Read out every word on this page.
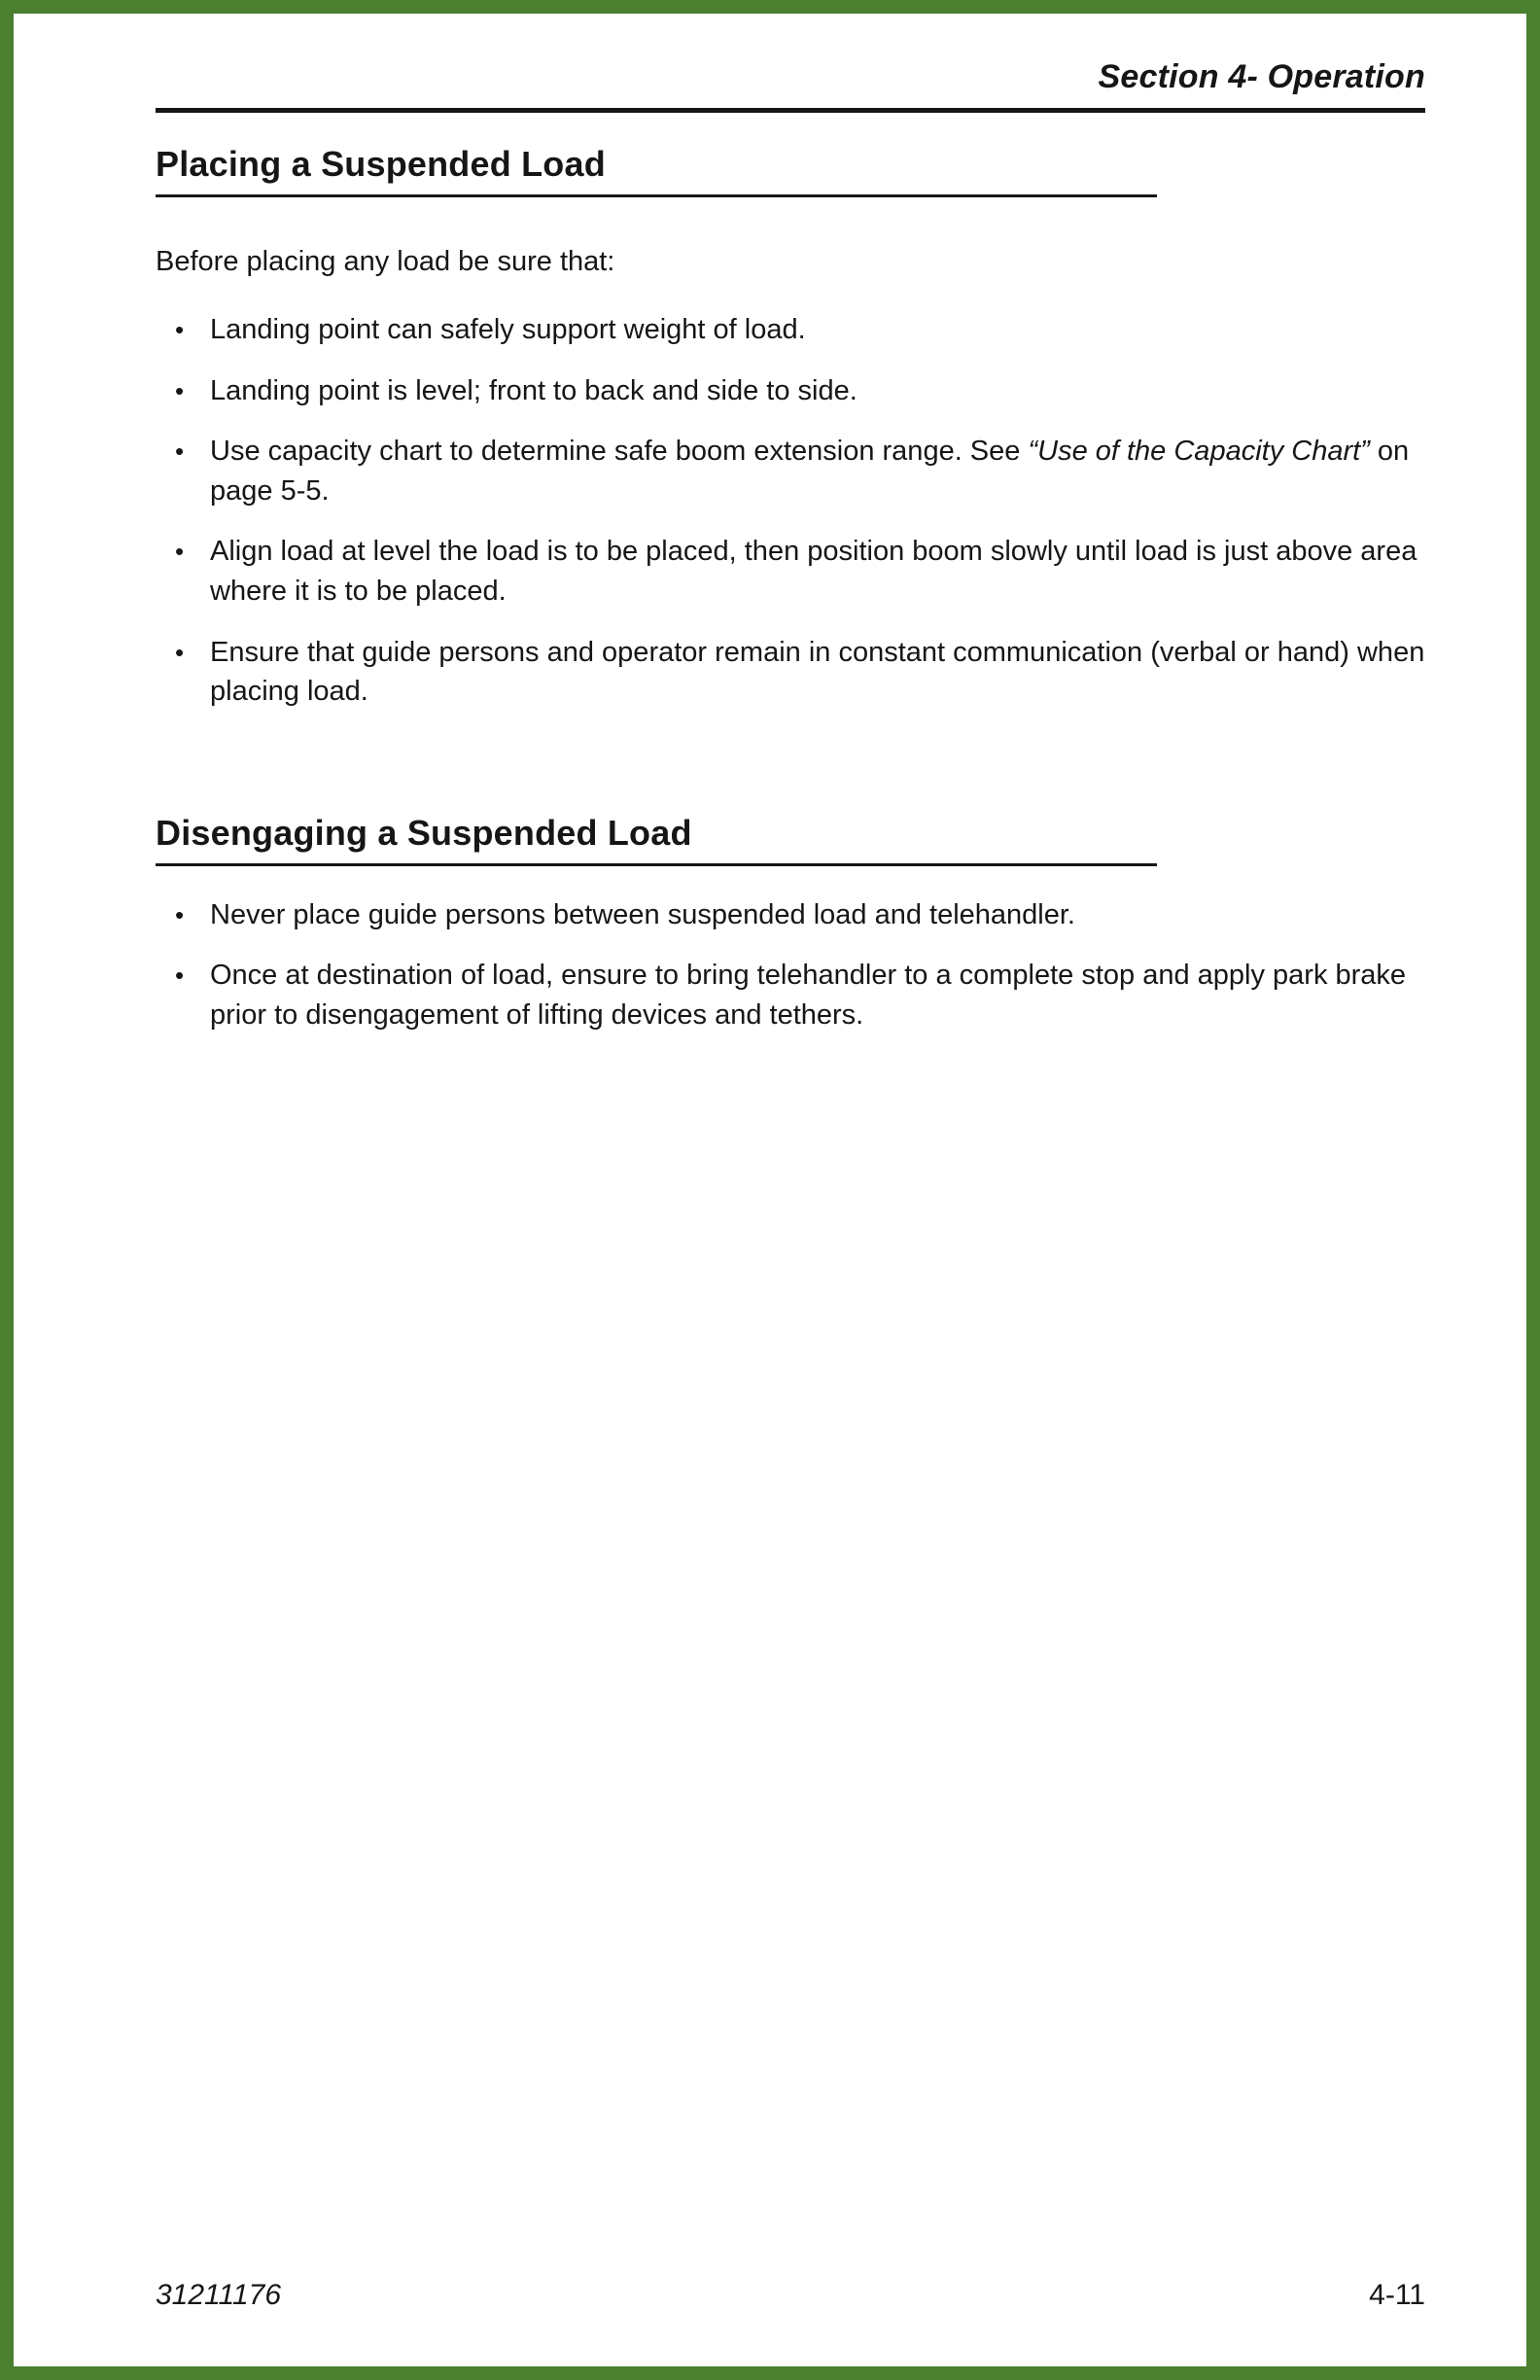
Section 4- Operation
Placing a Suspended Load

Before placing any load be sure that:

• Landing point can safely support weight of load.
• Landing point is level; front to back and side to side.
• Use capacity chart to determine safe boom extension range. See “Use of the Capacity Chart” on page 5-5.
• Align load at level the load is to be placed, then position boom slowly until load is just above area where it is to be placed.
• Ensure that guide persons and operator remain in constant communication (verbal or hand) when placing load.
Disengaging a Suspended Load
• Never place guide persons between suspended load and telehandler.
• Once at destination of load, ensure to bring telehandler to a complete stop and apply park brake prior to disengagement of lifting devices and tethers.
31211176	4-11
